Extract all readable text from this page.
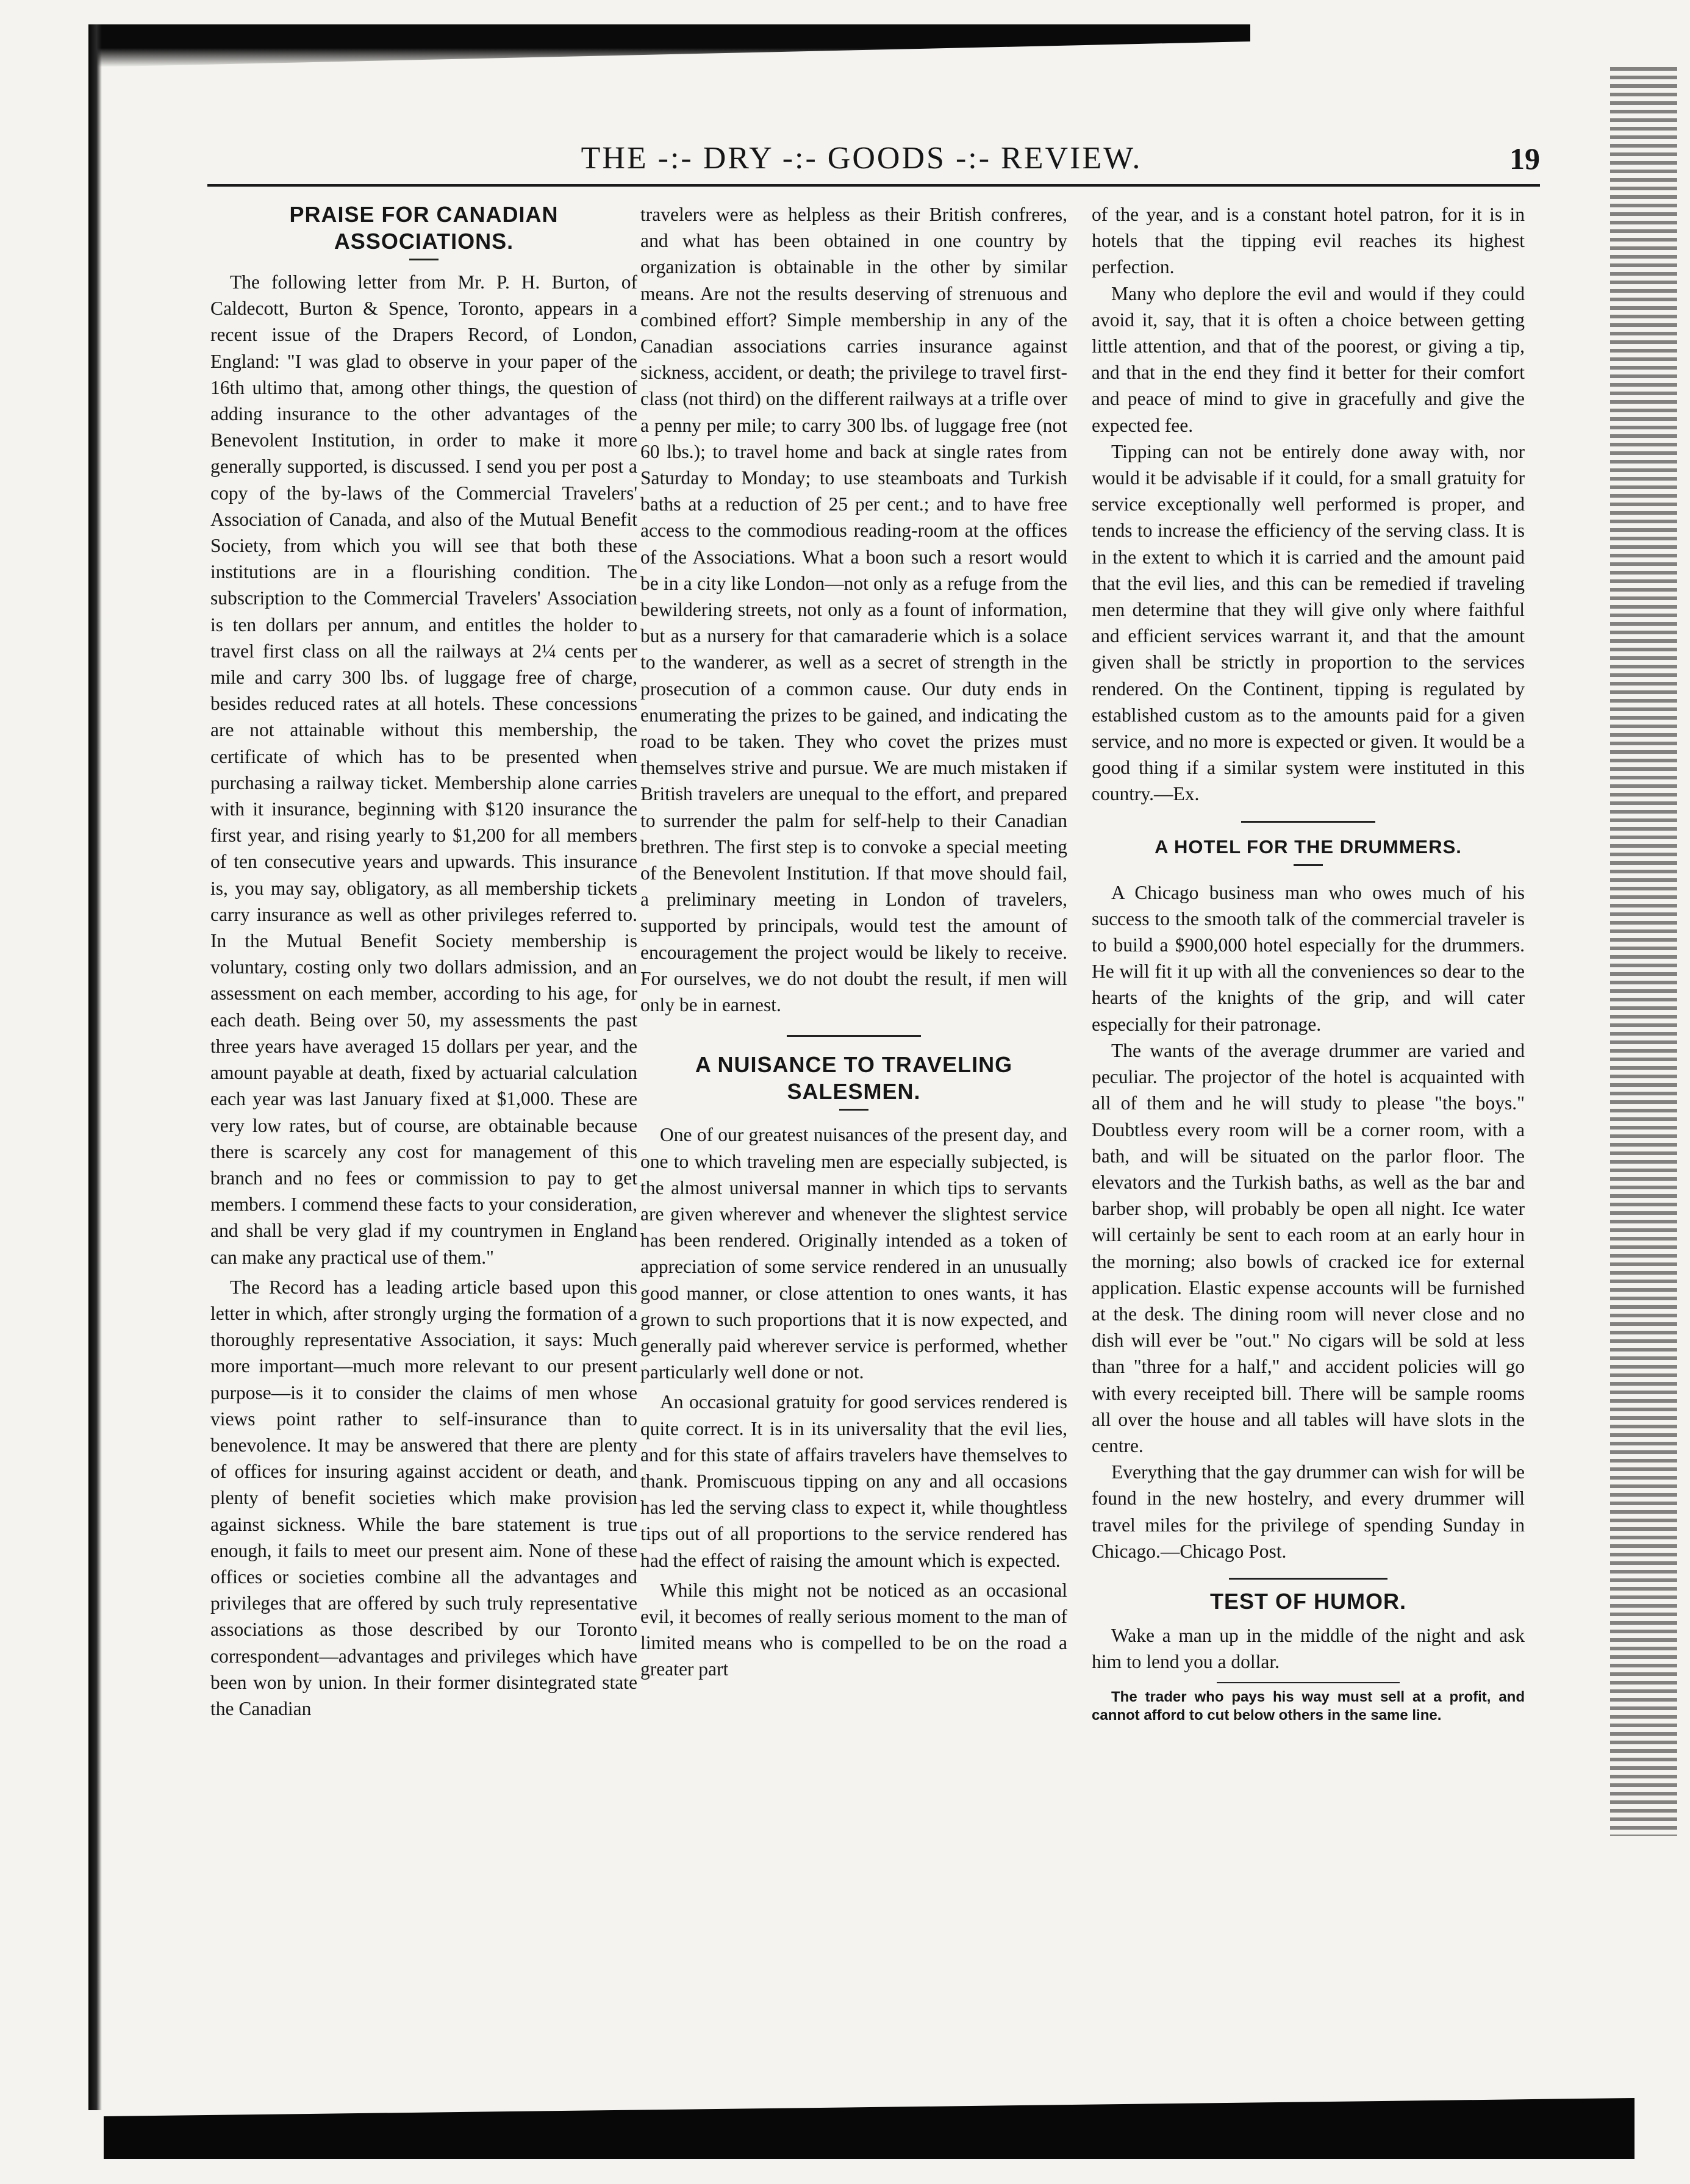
THE -:- DRY -:- GOODS -:- REVIEW.	19
PRAISE FOR CANADIAN ASSOCIATIONS.

The following letter from Mr. P. H. Burton, of Caldecott, Burton & Spence, Toronto, appears in a recent issue of the Drapers Record, of London, England: "I was glad to observe in your paper of the 16th ultimo that, among other things, the question of adding insurance to the other advantages of the Benevolent Institution, in order to make it more generally supported, is discussed. I send you per post a copy of the by-laws of the Commercial Travelers' Association of Canada, and also of the Mutual Benefit Society, from which you will see that both these institutions are in a flourishing condition. The subscription to the Commercial Travelers' Association is ten dollars per annum, and entitles the holder to travel first class on all the railways at 2¼ cents per mile and carry 300 lbs. of luggage free of charge, besides reduced rates at all hotels. These concessions are not attainable without this membership, the certificate of which has to be presented when purchasing a railway ticket. Membership alone carries with it insurance, beginning with $120 insurance the first year, and rising yearly to $1,200 for all members of ten consecutive years and upwards. This insurance is, you may say, obligatory, as all membership tickets carry insurance as well as other privileges referred to. In the Mutual Benefit Society membership is voluntary, costing only two dollars admission, and an assessment on each member, according to his age, for each death. Being over 50, my assessments the past three years have averaged 15 dollars per year, and the amount payable at death, fixed by actuarial calculation each year was last January fixed at $1,000. These are very low rates, but of course, are obtainable because there is scarcely any cost for management of this branch and no fees or commission to pay to get members. I commend these facts to your consideration, and shall be very glad if my countrymen in England can make any practical use of them."

The Record has a leading article based upon this letter in which, after strongly urging the formation of a thoroughly representative Association, it says: Much more important—much more relevant to our present purpose—is it to consider the claims of men whose views point rather to self-insurance than to benevolence. It may be answered that there are plenty of offices for insuring against accident or death, and plenty of benefit societies which make provision against sickness. While the bare statement is true enough, it fails to meet our present aim. None of these offices or societies combine all the advantages and privileges that are offered by such truly representative associations as those described by our Toronto correspondent—advantages and privileges which have been won by union. In their former disintegrated state the Canadian

travelers were as helpless as their British confreres, and what has been obtained in one country by organization is obtainable in the other by similar means. Are not the results deserving of strenuous and combined effort? Simple membership in any of the Canadian associations carries insurance against sickness, accident, or death; the privilege to travel first-class (not third) on the different railways at a trifle over a penny per mile; to carry 300 lbs. of luggage free (not 60 lbs.); to travel home and back at single rates from Saturday to Monday; to use steamboats and Turkish baths at a reduction of 25 per cent.; and to have free access to the commodious reading-room at the offices of the Associations. What a boon such a resort would be in a city like London—not only as a refuge from the bewildering streets, not only as a fount of information, but as a nursery for that camaraderie which is a solace to the wanderer, as well as a secret of strength in the prosecution of a common cause. Our duty ends in enumerating the prizes to be gained, and indicating the road to be taken. They who covet the prizes must themselves strive and pursue. We are much mistaken if British travelers are unequal to the effort, and prepared to surrender the palm for self-help to their Canadian brethren. The first step is to convoke a special meeting of the Benevolent Institution. If that move should fail, a preliminary meeting in London of travelers, supported by principals, would test the amount of encouragement the project would be likely to receive. For ourselves, we do not doubt the result, if men will only be in earnest.

A NUISANCE TO TRAVELING SALESMEN.

One of our greatest nuisances of the present day, and one to which traveling men are especially subjected, is the almost universal manner in which tips to servants are given wherever and whenever the slightest service has been rendered. Originally intended as a token of appreciation of some service rendered in an unusually good manner, or close attention to ones wants, it has grown to such proportions that it is now expected, and generally paid wherever service is performed, whether particularly well done or not.

An occasional gratuity for good services rendered is quite correct. It is in its universality that the evil lies, and for this state of affairs travelers have themselves to thank. Promiscuous tipping on any and all occasions has led the serving class to expect it, while thoughtless tips out of all proportions to the service rendered has had the effect of raising the amount which is expected.

While this might not be noticed as an occasional evil, it becomes of really serious moment to the man of limited means who is compelled to be on the road a greater part

of the year, and is a constant hotel patron, for it is in hotels that the tipping evil reaches its highest perfection.

Many who deplore the evil and would if they could avoid it, say, that it is often a choice between getting little attention, and that of the poorest, or giving a tip, and that in the end they find it better for their comfort and peace of mind to give in gracefully and give the expected fee.

Tipping can not be entirely done away with, nor would it be advisable if it could, for a small gratuity for service exceptionally well performed is proper, and tends to increase the efficiency of the serving class. It is in the extent to which it is carried and the amount paid that the evil lies, and this can be remedied if traveling men determine that they will give only where faithful and efficient services warrant it, and that the amount given shall be strictly in proportion to the services rendered. On the Continent, tipping is regulated by established custom as to the amounts paid for a given service, and no more is expected or given. It would be a good thing if a similar system were instituted in this country.—Ex.

A HOTEL FOR THE DRUMMERS.

A Chicago business man who owes much of his success to the smooth talk of the commercial traveler is to build a $900,000 hotel especially for the drummers. He will fit it up with all the conveniences so dear to the hearts of the knights of the grip, and will cater especially for their patronage.

The wants of the average drummer are varied and peculiar. The projector of the hotel is acquainted with all of them and he will study to please "the boys." Doubtless every room will be a corner room, with a bath, and will be situated on the parlor floor. The elevators and the Turkish baths, as well as the bar and barber shop, will probably be open all night. Ice water will certainly be sent to each room at an early hour in the morning; also bowls of cracked ice for external application. Elastic expense accounts will be furnished at the desk. The dining room will never close and no dish will ever be "out." No cigars will be sold at less than "three for a half," and accident policies will go with every receipted bill. There will be sample rooms all over the house and all tables will have slots in the centre.

Everything that the gay drummer can wish for will be found in the new hostelry, and every drummer will travel miles for the privilege of spending Sunday in Chicago.—Chicago Post.

TEST OF HUMOR.

Wake a man up in the middle of the night and ask him to lend you a dollar.

The trader who pays his way must sell at a profit, and cannot afford to cut below others in the same line.
